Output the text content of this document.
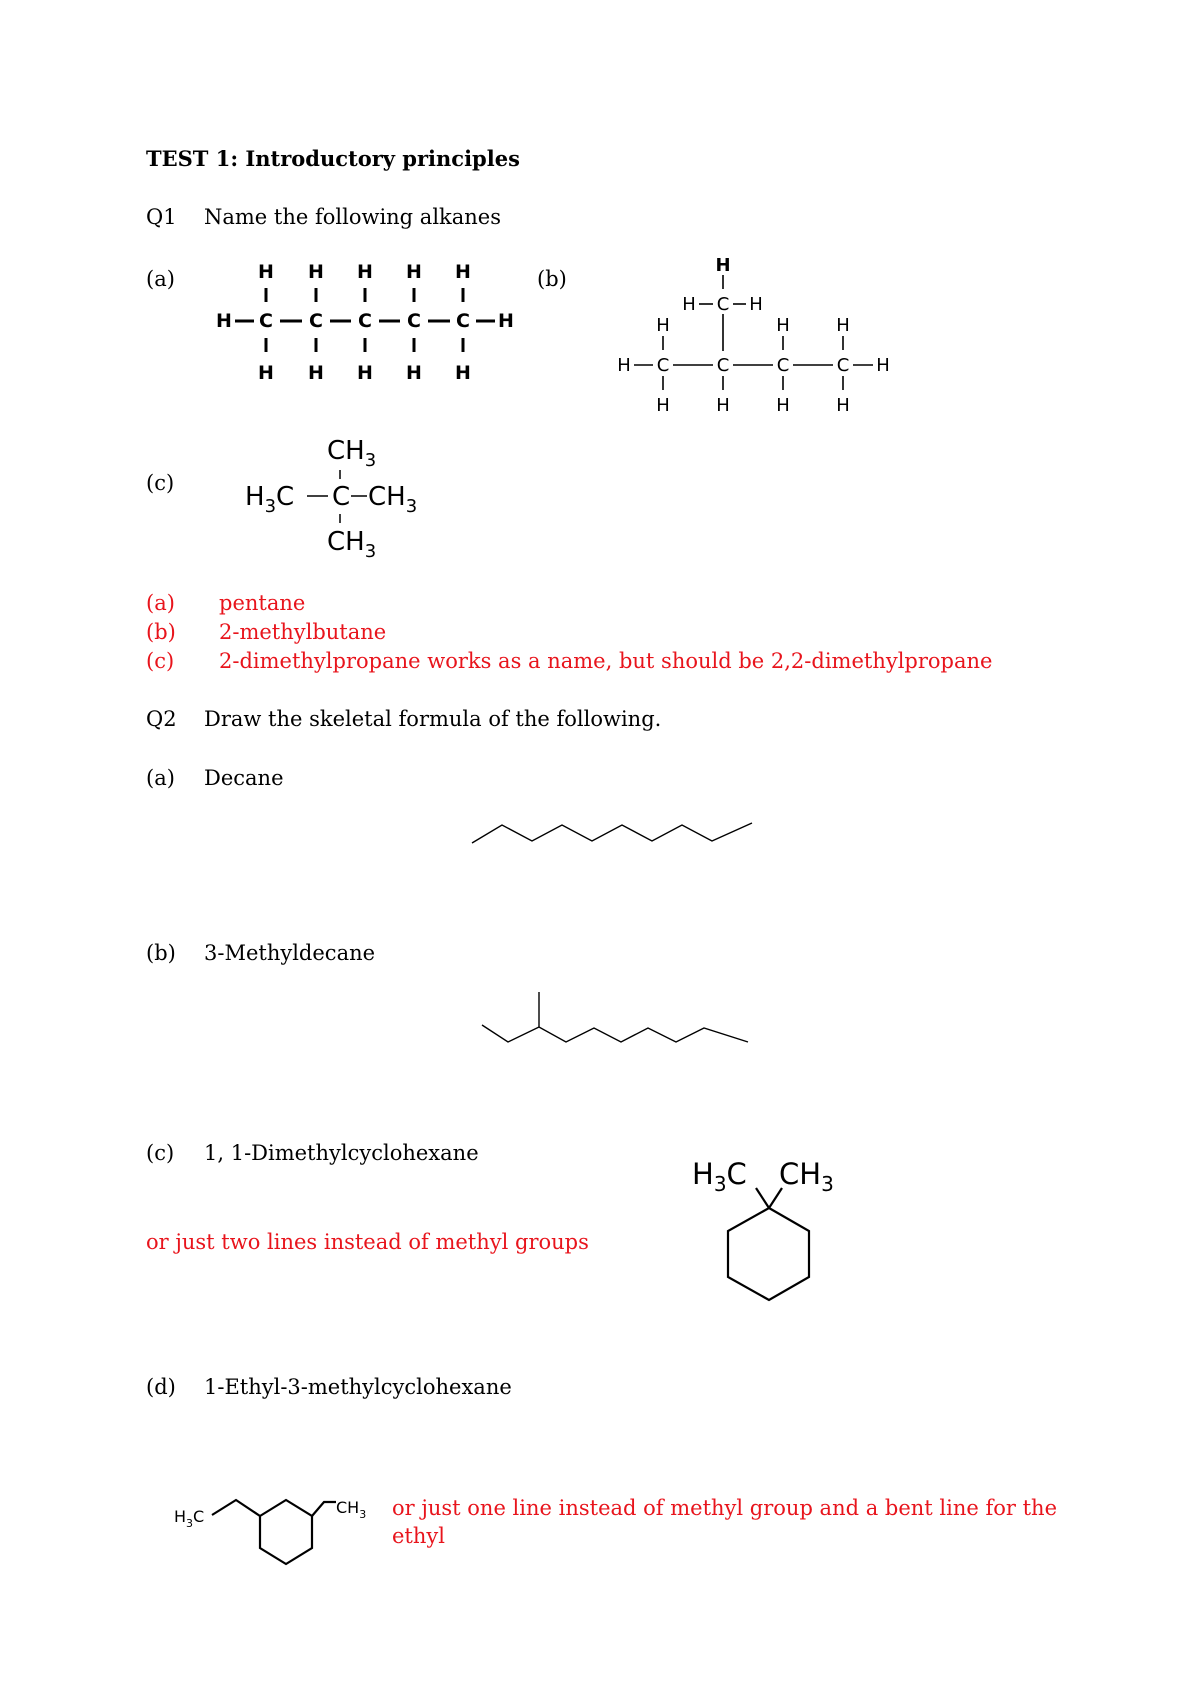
TEST 1: Introductory principles
Q1 Name the following alkanes
(a)	(b)
(c)
H H H H H
H C C C C C H
H H H H H
H
H C H
H	H	H
H C	C	C	C H
H	H	H	H
$CH_3$
$H_3C$ C $CH_3$
$CH_3$
(a) pentane
(b) 2-methylbutane
(c) 2-dimethylpropane works as a name, but should be 2,2-dimethylpropane
Q2 Draw the skeletal formula of the following.
(a) Decane
(b) 3-Methyldecane
(c) 1, 1-Dimethylcyclohexane
or just two lines instead of methyl groups
$H_3C$ $CH_3$
(d) 1-Ethyl-3-methylcyclohexane
$H_3C$	$CH_3$ or just one line instead of methyl group and a bent line for the ethyl
